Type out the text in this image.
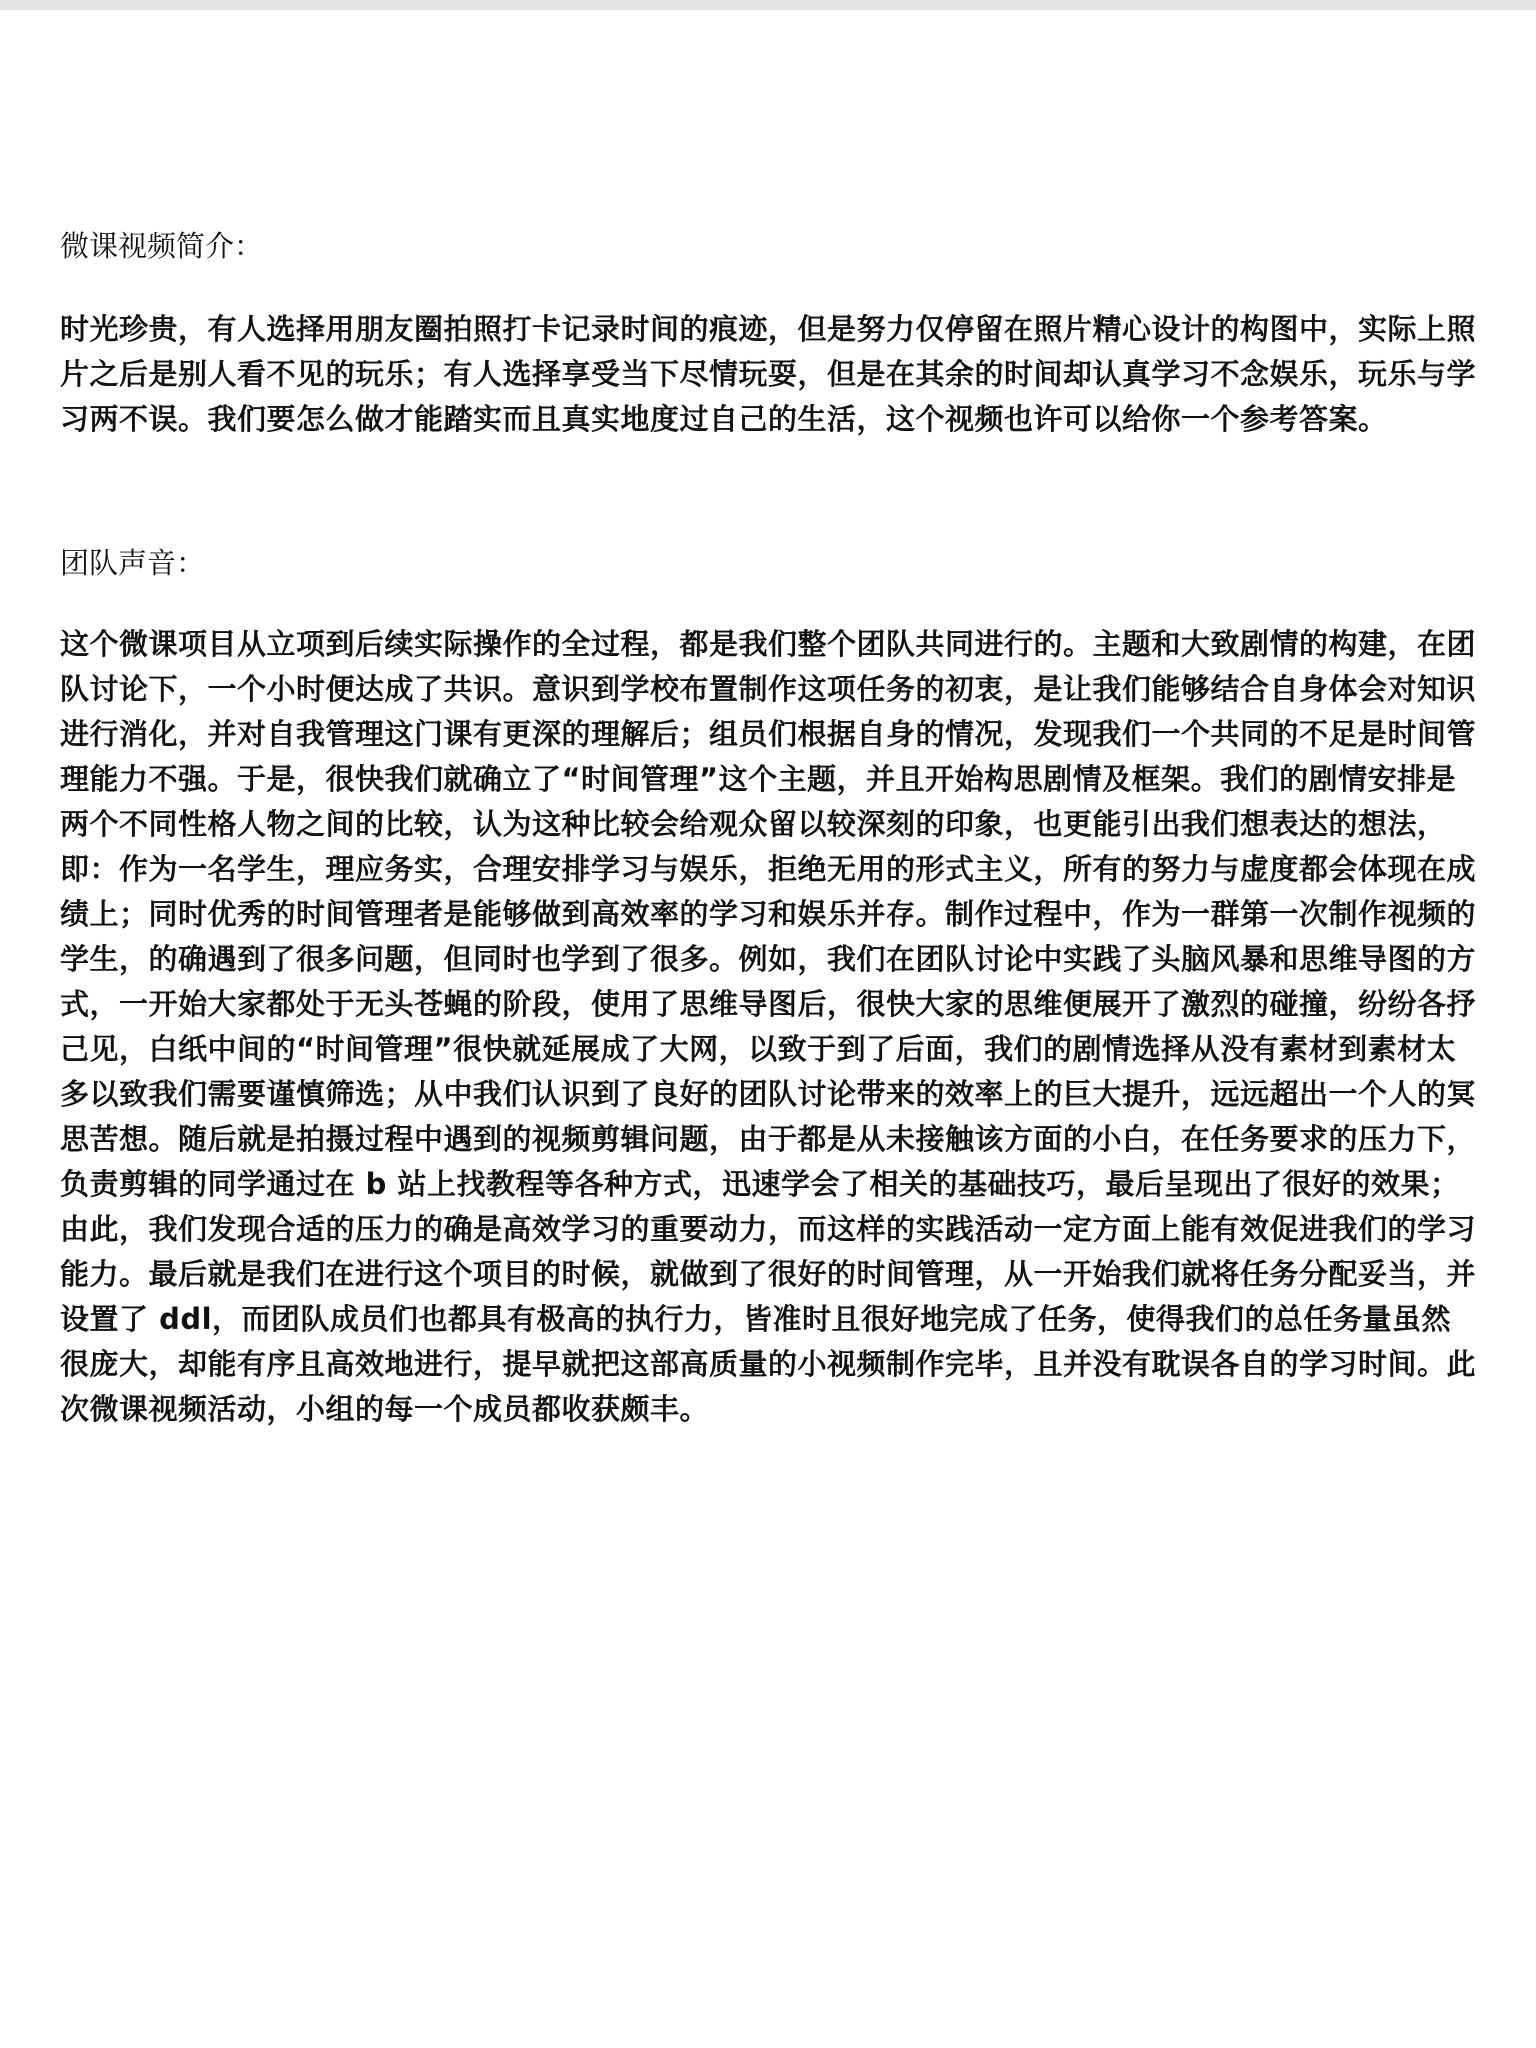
微课视频简介：

时光珍贵，有人选择用朋友圈拍照打卡记录时间的痕迹，但是努力仅停留在照片精心设计的构图中，实际上照片之后是别人看不见的玩乐；有人选择享受当下尽情玩耍，但是在其余的时间却认真学习不念娱乐，玩乐与学习两不误。我们要怎么做才能踏实而且真实地度过自己的生活，这个视频也许可以给你一个参考答案。

团队声音：

这个微课项目从立项到后续实际操作的全过程，都是我们整个团队共同进行的。主题和大致剧情的构建，在团队讨论下，一个小时便达成了共识。意识到学校布置制作这项任务的初衷，是让我们能够结合自身体会对知识进行消化，并对自我管理这门课有更深的理解后；组员们根据自身的情况，发现我们一个共同的不足是时间管理能力不强。于是，很快我们就确立了“时间管理”这个主题，并且开始构思剧情及框架。我们的剧情安排是两个不同性格人物之间的比较，认为这种比较会给观众留以较深刻的印象，也更能引出我们想表达的想法，即：作为一名学生，理应务实，合理安排学习与娱乐，拒绝无用的形式主义，所有的努力与虚度都会体现在成绩上；同时优秀的时间管理者是能够做到高效率的学习和娱乐并存。制作过程中，作为一群第一次制作视频的学生，的确遇到了很多问题，但同时也学到了很多。例如，我们在团队讨论中实践了头脑风暴和思维导图的方式，一开始大家都处于无头苍蝇的阶段，使用了思维导图后，很快大家的思维便展开了激烈的碰撞，纷纷各抒己见，白纸中间的“时间管理”很快就延展成了大网，以致于到了后面，我们的剧情选择从没有素材到素材太多以致我们需要谨慎筛选；从中我们认识到了良好的团队讨论带来的效率上的巨大提升，远远超出一个人的冥思苦想。随后就是拍摄过程中遇到的视频剪辑问题，由于都是从未接触该方面的小白，在任务要求的压力下，负责剪辑的同学通过在 b 站上找教程等各种方式，迅速学会了相关的基础技巧，最后呈现出了很好的效果；由此，我们发现合适的压力的确是高效学习的重要动力，而这样的实践活动一定方面上能有效促进我们的学习能力。最后就是我们在进行这个项目的时候，就做到了很好的时间管理，从一开始我们就将任务分配妥当，并设置了 ddl，而团队成员们也都具有极高的执行力，皆准时且很好地完成了任务，使得我们的总任务量虽然很庞大，却能有序且高效地进行，提早就把这部高质量的小视频制作完毕，且并没有耽误各自的学习时间。此次微课视频活动，小组的每一个成员都收获颇丰。
